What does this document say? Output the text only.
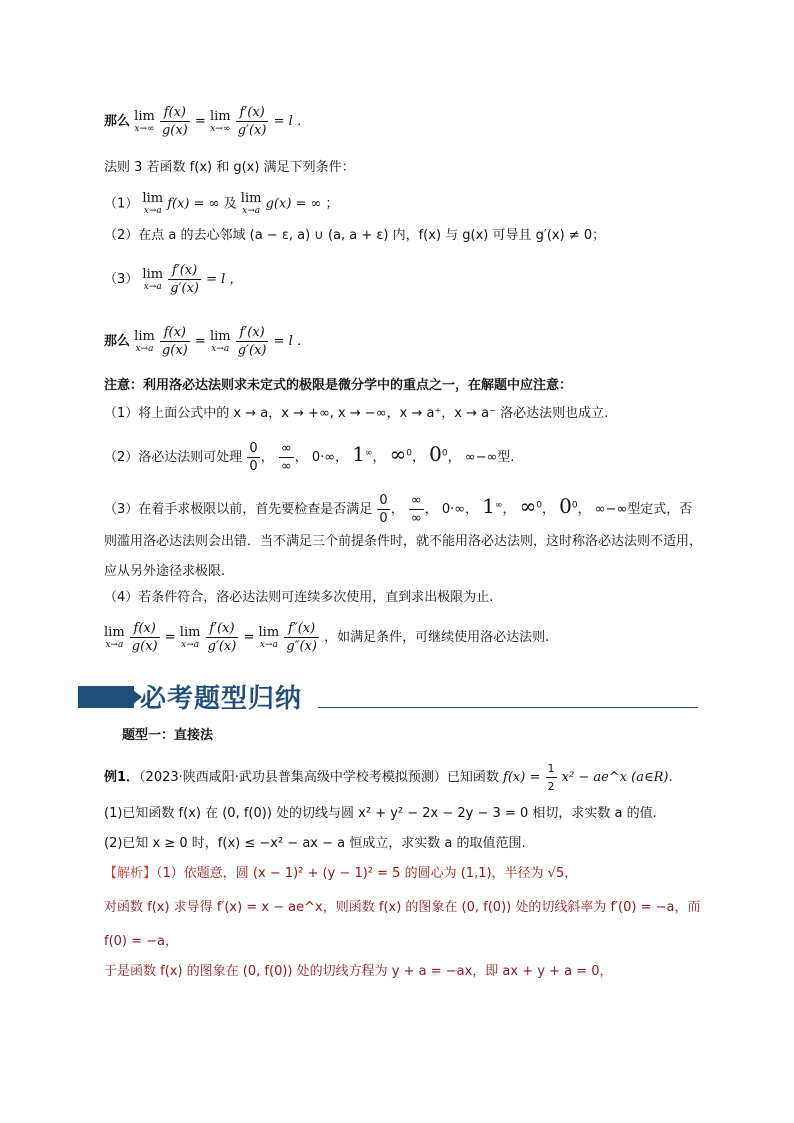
那么 lim
x→∞
$\frac{f(x)}{g(x)} = \lim$
x→∞
$\frac{f'(x)}{g'(x)} = l$ ．
法则 3 若函数 f(x) 和 g(x) 满足下列条件：
（1） lim
x→a f(x) = ∞ 及 lim
x→a g(x) = ∞ ；
（2）在点 a 的去心邻域 (a − ε, a) ∪ (a, a + ε) 内，f(x) 与 g(x) 可导且 g′(x) ≠ 0；
（3） lim
x→a
$\frac{f'(x)}{g'(x)} = l$ ，
那么 lim
x→a
$\frac{f(x)}{g(x)} = \lim$
x→a
$\frac{f'(x)}{g'(x)} = l$ ．
注意：利用洛必达法则求未定式的极限是微分学中的重点之一，在解题中应注意：
（1）将上面公式中的 x → a，x → +∞, x → −∞，x → a⁺，x → a⁻ 洛必达法则也成立.
（2）洛必达法则可处理 $\frac{0}{0}$ ， $\frac{\infty}{\infty}$ ， 0·∞， 1∞， ∞$^0$， $0^0$， ∞−∞型.
（3）在着手求极限以前，首先要检查是否满足 $\frac{0}{0}$ ， $\frac{\infty}{\infty}$ ， 0·∞， 1∞， ∞$^0$， $0^0$， ∞−∞型定式，否
则滥用洛必达法则会出错．当不满足三个前提条件时，就不能用洛必达法则，这时称洛必达法则不适用，
应从另外途径求极限.
（4）若条件符合，洛必达法则可连续多次使用，直到求出极限为止.
lim
x→a
$\frac{f(x)}{g(x)} = \lim$
x→a
$\frac{f'(x)}{g'(x)} = \lim$
x→a
$\frac{f''(x)}{g''(x)}$ ，如满足条件，可继续使用洛必达法则.
必考题型归纳
题型一：直接法
例1．（2023·陕西咸阳·武功县普集高级中学校考模拟预测）已知函数 $f(x) = \frac{1}{2} x^2$ − ae^x (a∈R).
(1)已知函数 f(x) 在 (0, f(0)) 处的切线与圆 x² + y² − 2x − 2y − 3 = 0 相切，求实数 a 的值.
(2)已知 x ≥ 0 时，f(x) ≤ −x² − ax − a 恒成立，求实数 a 的取值范围.
【解析】（1）依题意，圆 (x − 1)² + (y − 1)² = 5 的圆心为 (1,1)，半径为 √5，
对函数 f(x) 求导得 f′(x) = x − ae^x，则函数 f(x) 的图象在 (0, f(0)) 处的切线斜率为 f′(0) = −a，而
f(0) = −a，
于是函数 f(x) 的图象在 (0, f(0)) 处的切线方程为 y + a = −ax，即 ax + y + a = 0，
